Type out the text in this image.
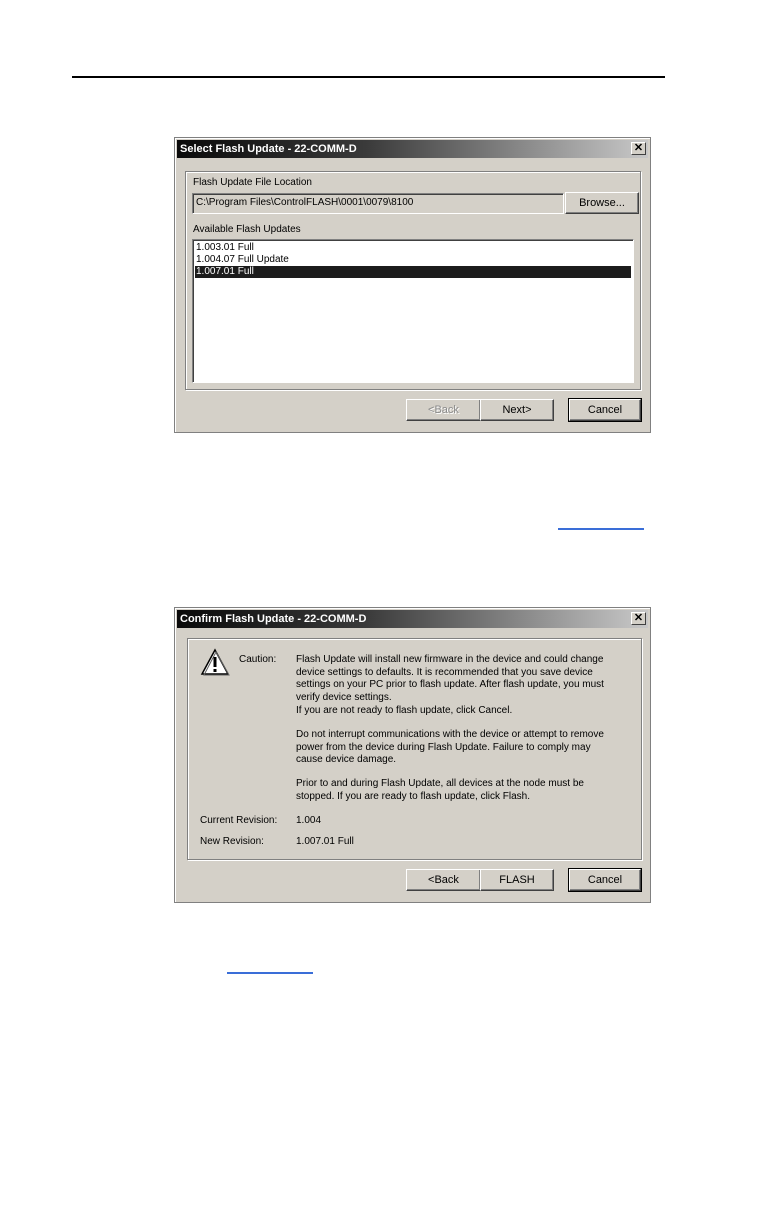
Select Flash Update - 22-COMM-D	✕
Flash Update File Location
C:\Program Files\ControlFLASH\0001\0079\8100	Browse...
Available Flash Updates
1.003.01 Full
1.004.07 Full Update
1.007.01 Full
<Back	Next>	Cancel
Confirm Flash Update - 22-COMM-D	✕
Caution: Flash Update will install new firmware in the device and could change device settings to defaults. It is recommended that you save device settings on your PC prior to flash update. After flash update, you must verify device settings.
If you are not ready to flash update, click Cancel.
Do not interrupt communications with the device or attempt to remove power from the device during Flash Update. Failure to comply may cause device damage.
Prior to and during Flash Update, all devices at the node must be stopped. If you are ready to flash update, click Flash.
Current Revision: 1.004
New Revision:	1.007.01 Full
<Back	FLASH	Cancel
